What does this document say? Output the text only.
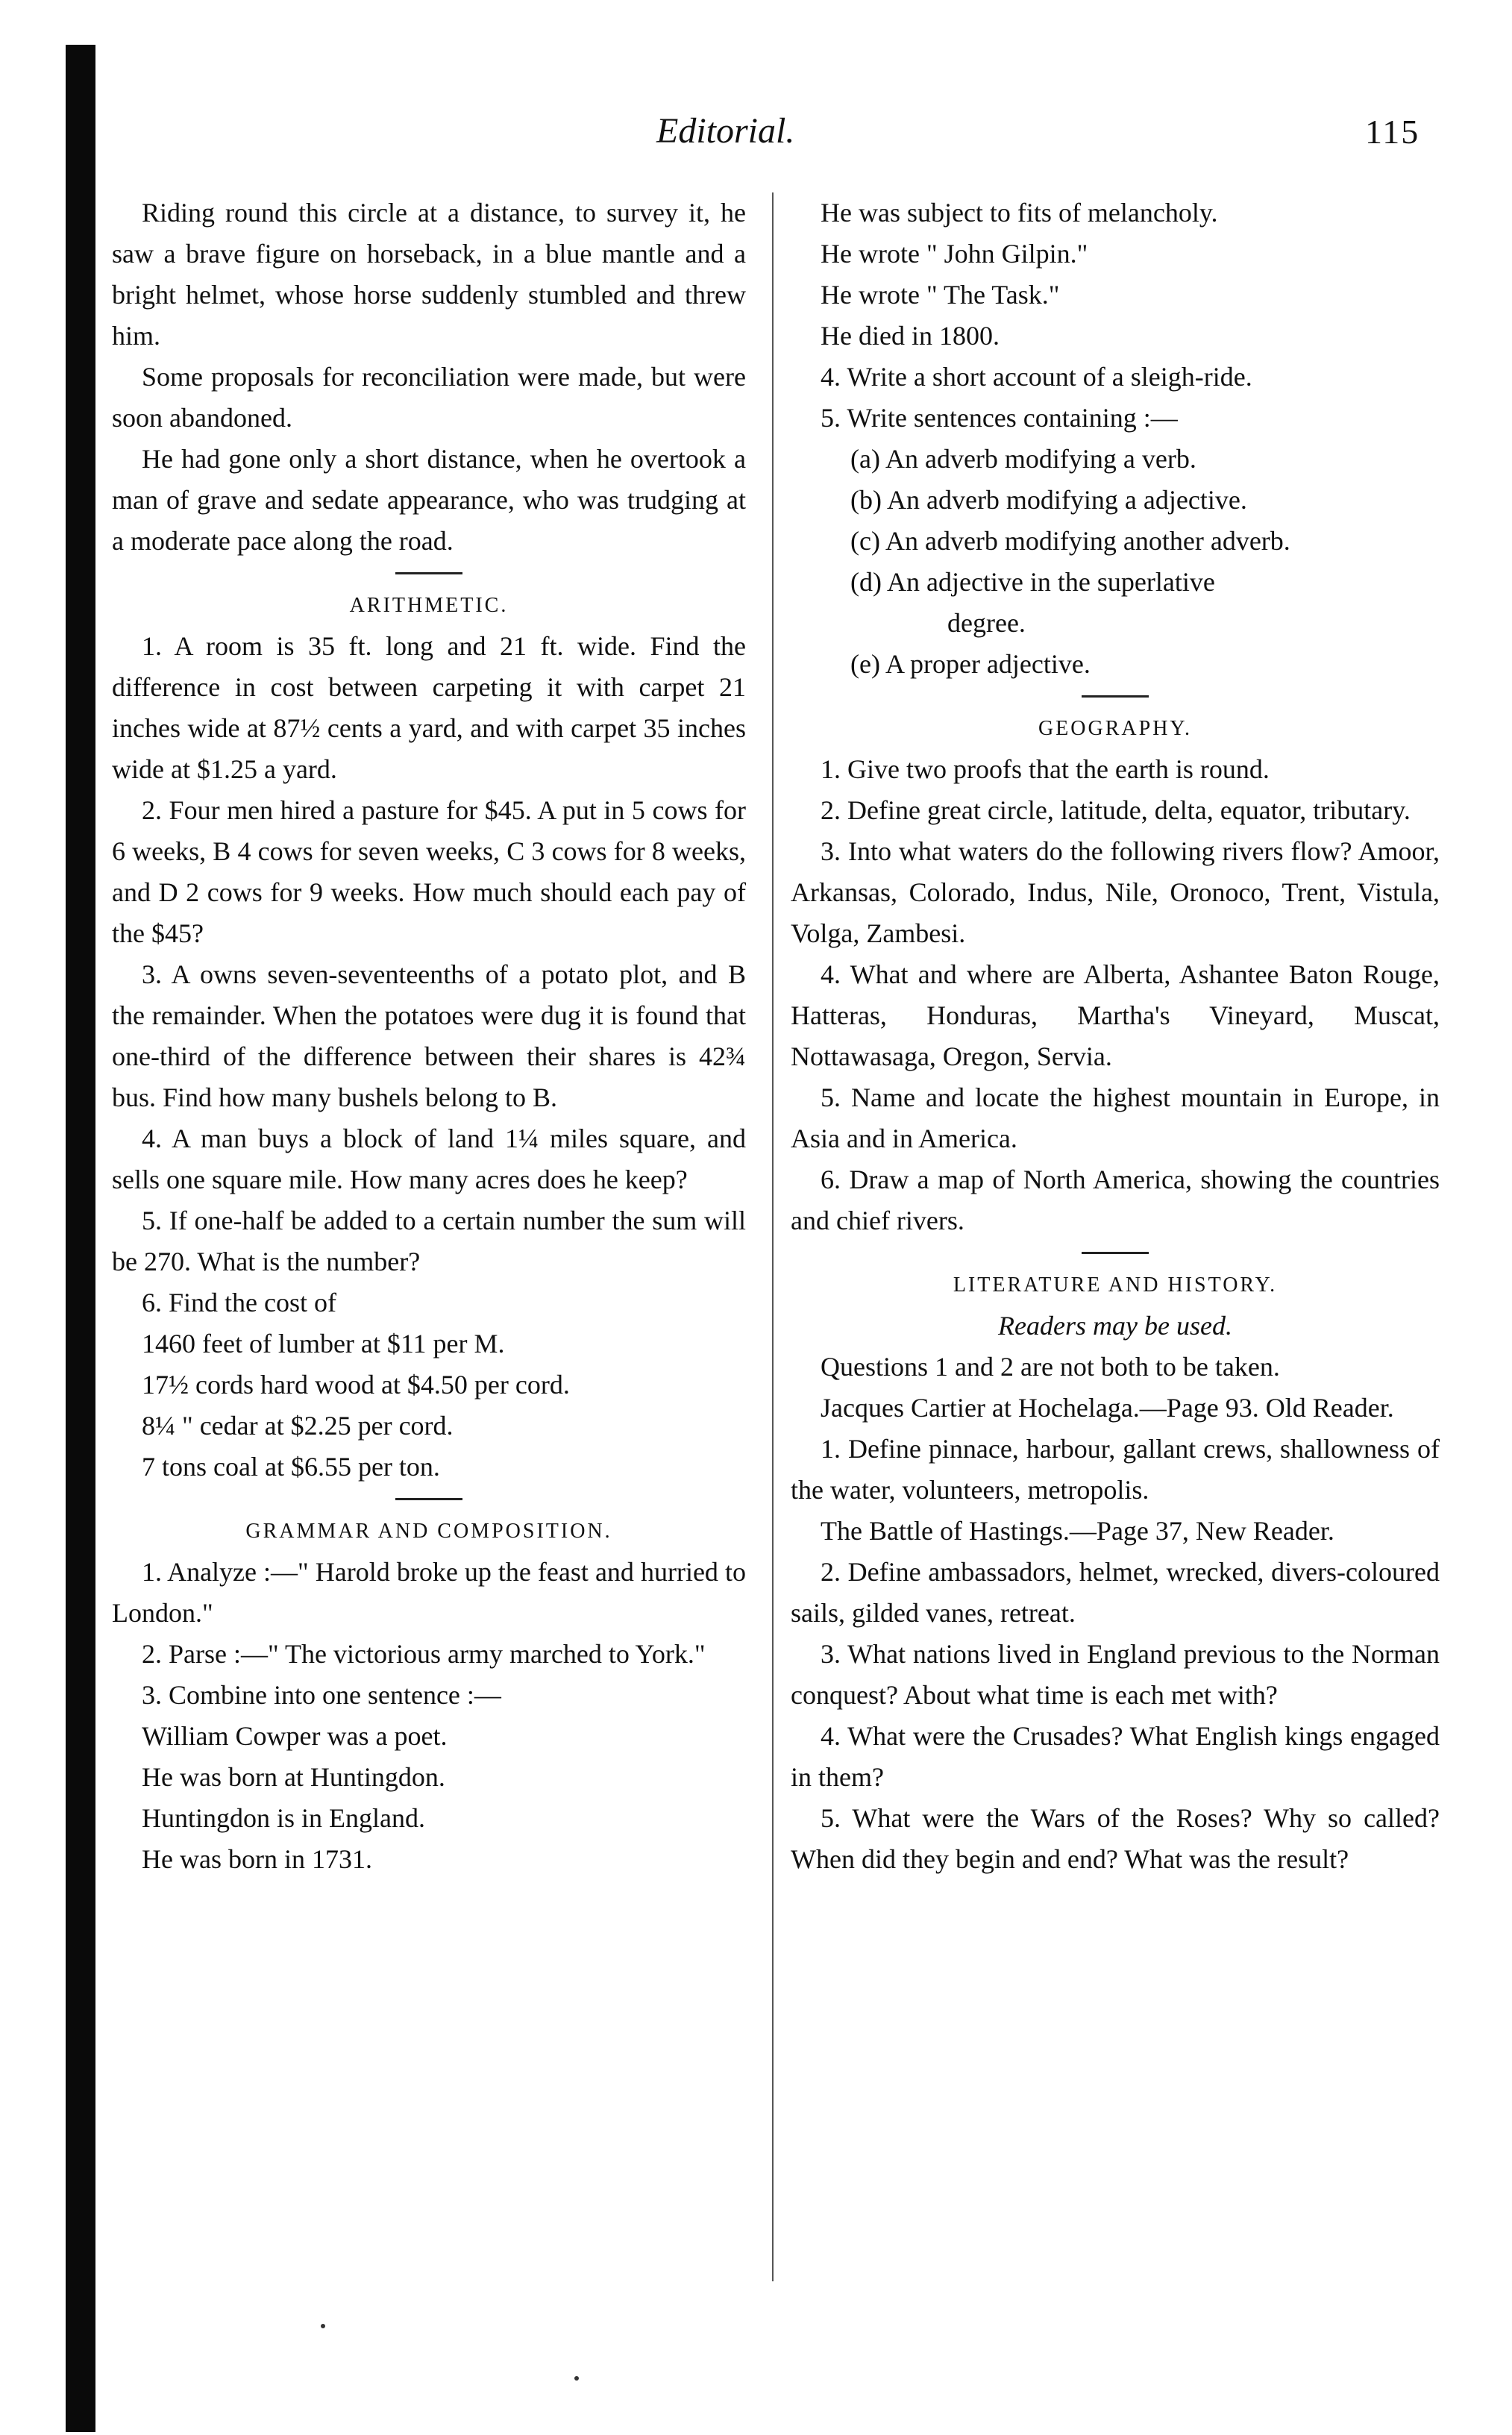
Editorial.	115

Riding round this circle at a distance, to survey it, he saw a brave figure on horseback, in a blue mantle and a bright helmet, whose horse suddenly stumbled and threw him.

Some proposals for reconciliation were made, but were soon abandoned.

He had gone only a short distance, when he overtook a man of grave and sedate appearance, who was trudging at a moderate pace along the road.

ARITHMETIC.

1. A room is 35 ft. long and 21 ft. wide. Find the difference in cost between carpeting it with carpet 21 inches wide at 87½ cents a yard, and with carpet 35 inches wide at $1.25 a yard.

2. Four men hired a pasture for $45. A put in 5 cows for 6 weeks, B 4 cows for seven weeks, C 3 cows for 8 weeks, and D 2 cows for 9 weeks. How much should each pay of the $45?

3. A owns seven-seventeenths of a potato plot, and B the remainder. When the potatoes were dug it is found that one-third of the difference between their shares is 42¾ bus. Find how many bushels belong to B.

4. A man buys a block of land 1¼ miles square, and sells one square mile. How many acres does he keep?

5. If one-half be added to a certain number the sum will be 270. What is the number?

6. Find the cost of

1460 feet of lumber at $11 per M.
17½ cords hard wood at $4.50 per cord.
8¼ " cedar at $2.25 per cord.
7 tons coal at $6.55 per ton.

GRAMMAR AND COMPOSITION.

1. Analyze :—" Harold broke up the feast and hurried to London."

2. Parse :—" The victorious army marched to York."

3. Combine into one sentence :—

William Cowper was a poet.
He was born at Huntingdon.
Huntingdon is in England.
He was born in 1731.
He was subject to fits of melancholy.
He wrote " John Gilpin."
He wrote " The Task."
He died in 1800.

4. Write a short account of a sleigh-ride.

5. Write sentences containing :—

(a) An adverb modifying a verb.
(b) An adverb modifying a adjective.
(c) An adverb modifying another adverb.
(d) An adjective in the superlative
degree.
(e) A proper adjective.

GEOGRAPHY.

1. Give two proofs that the earth is round.

2. Define great circle, latitude, delta, equator, tributary.

3. Into what waters do the following rivers flow? Amoor, Arkansas, Colorado, Indus, Nile, Oronoco, Trent, Vistula, Volga, Zambesi.

4. What and where are Alberta, Ashantee Baton Rouge, Hatteras, Honduras, Martha's Vineyard, Muscat, Nottawasaga, Oregon, Servia.

5. Name and locate the highest mountain in Europe, in Asia and in America.

6. Draw a map of North America, showing the countries and chief rivers.

LITERATURE AND HISTORY.

Readers may be used.

Questions 1 and 2 are not both to be taken.

Jacques Cartier at Hochelaga.—Page 93. Old Reader.

1. Define pinnace, harbour, gallant crews, shallowness of the water, volunteers, metropolis.

The Battle of Hastings.—Page 37, New Reader.

2. Define ambassadors, helmet, wrecked, divers-coloured sails, gilded vanes, retreat.

3. What nations lived in England previous to the Norman conquest? About what time is each met with?

4. What were the Crusades? What English kings engaged in them?

5. What were the Wars of the Roses? Why so called? When did they begin and end? What was the result?
